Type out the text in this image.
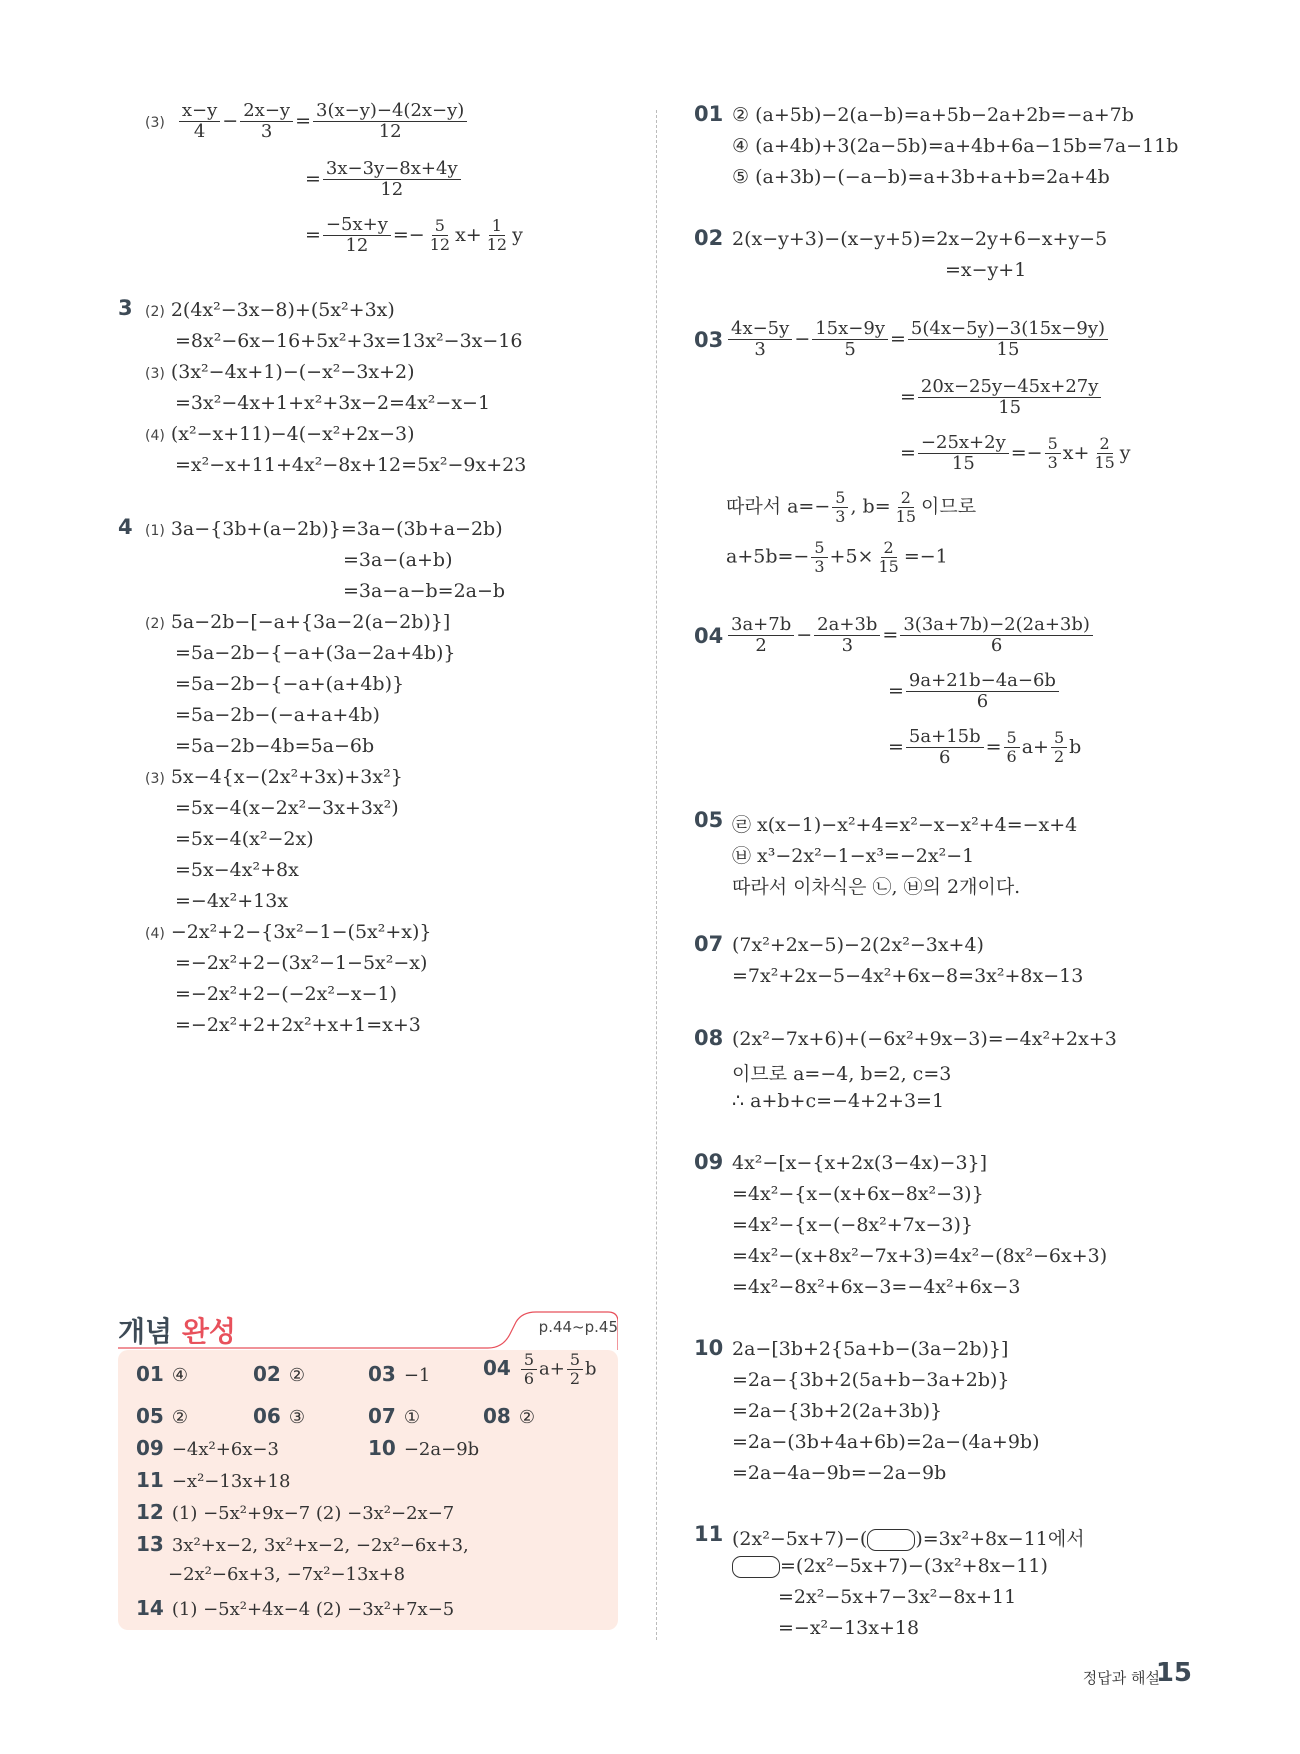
$(3) \frac{x-y}{4} - \frac{2x-y}{3} = \frac{3(x-y)-4(2x-y)}{12}$
= $\frac{3x-3y-8x+4y}{12}$
= $\frac{-5x+y}{12} =- \frac{5}{12} x+ \frac{1}{12}$ y
3 (2) 2(4x²−3x−8)+(5x²+3x)
=8x²−6x−16+5x²+3x=13x²−3x−16
(3) (3x²−4x+1)−(−x²−3x+2)
=3x²−4x+1+x²+3x−2=4x²−x−1
(4) (x²−x+11)−4(−x²+2x−3)
=x²−x+11+4x²−8x+12=5x²−9x+23
4 (1) 3a−{3b+(a−2b)}=3a−(3b+a−2b)
=3a−(a+b)
=3a−a−b=2a−b
(2) 5a−2b−[−a+{3a−2(a−2b)}]
=5a−2b−{−a+(3a−2a+4b)}
=5a−2b−{−a+(a+4b)}
=5a−2b−(−a+a+4b)
=5a−2b−4b=5a−6b
(3) 5x−4{x−(2x²+3x)+3x²}
=5x−4(x−2x²−3x+3x²)
=5x−4(x²−2x)
=5x−4x²+8x
=−4x²+13x
(4) −2x²+2−{3x²−1−(5x²+x)}
=−2x²+2−(3x²−1−5x²−x)
=−2x²+2−(−2x²−x−1)
=−2x²+2+2x²+x+1=x+3
개념 완성	p.44~p.45
01 ④	02 ②	03 −1	$04 \frac{5}{6} a+ \frac{5}{2}$ b
05 ②	06 ③	07 ①	08 ②
09 −4x²+6x−3	10 −2a−9b
11 −x²−13x+18
12 (1) −5x²+9x−7 (2) −3x²−2x−7
13 3x²+x−2, 3x²+x−2, −2x²−6x+3,
−2x²−6x+3, −7x²−13x+8
14 (1) −5x²+4x−4 (2) −3x²+7x−5
01 ② (a+5b)−2(a−b)=a+5b−2a+2b=−a+7b
④ (a+4b)+3(2a−5b)=a+4b+6a−15b=7a−11b
⑤ (a+3b)−(−a−b)=a+3b+a+b=2a+4b
02 2(x−y+3)−(x−y+5)=2x−2y+6−x+y−5
=x−y+1
$03 \frac{4x-5y}{3} - \frac{15x-9y}{5} = \frac{5(4x-5y)-3(15x-9y)}{15}$
= $\frac{20x-25y-45x+27y}{15}$
= $\frac{-25x+2y}{15} =- \frac{5}{3} x+ \frac{2}{15}$ y
따라서 $a=- \frac{5}{3}$ , $b= \frac{2}{15}$ 이므로
$a+5b=- \frac{5}{3} +5\times \frac{2}{15} =-1$
$04 \frac{3a+7b}{2} - \frac{2a+3b}{3} = \frac{3(3a+7b)-2(2a+3b)}{6}$
= $\frac{9a+21b-4a-6b}{6}$
= $\frac{5a+15b}{6} = \frac{5}{6} a+ \frac{5}{2}$ b
05 ㉣ x(x−1)−x²+4=x²−x−x²+4=−x+4
㉥ x³−2x²−1−x³=−2x²−1
따라서 이차식은 ㉡, ㉥의 2개이다.
07 (7x²+2x−5)−2(2x²−3x+4)
=7x²+2x−5−4x²+6x−8=3x²+8x−13
08 (2x²−7x+6)+(−6x²+9x−3)=−4x²+2x+3
이므로 a=−4, b=2, c=3
∴ a+b+c=−4+2+3=1
09 4x²−[x−{x+2x(3−4x)−3}]
=4x²−{x−(x+6x−8x²−3)}
=4x²−{x−(−8x²+7x−3)}
=4x²−(x+8x²−7x+3)=4x²−(8x²−6x+3)
=4x²−8x²+6x−3=−4x²+6x−3
10 2a−[3b+2{5a+b−(3a−2b)}]
=2a−{3b+2(5a+b−3a+2b)}
=2a−{3b+2(2a+3b)}
=2a−(3b+4a+6b)=2a−(4a+9b)
=2a−4a−9b=−2a−9b
11 (2x²−5x+7)−(	)=3x²+8x−11에서
=(2x²−5x+7)−(3x²+8x−11)
=2x²−5x+7−3x²−8x+11
=−x²−13x+18
정답과 해설
15
